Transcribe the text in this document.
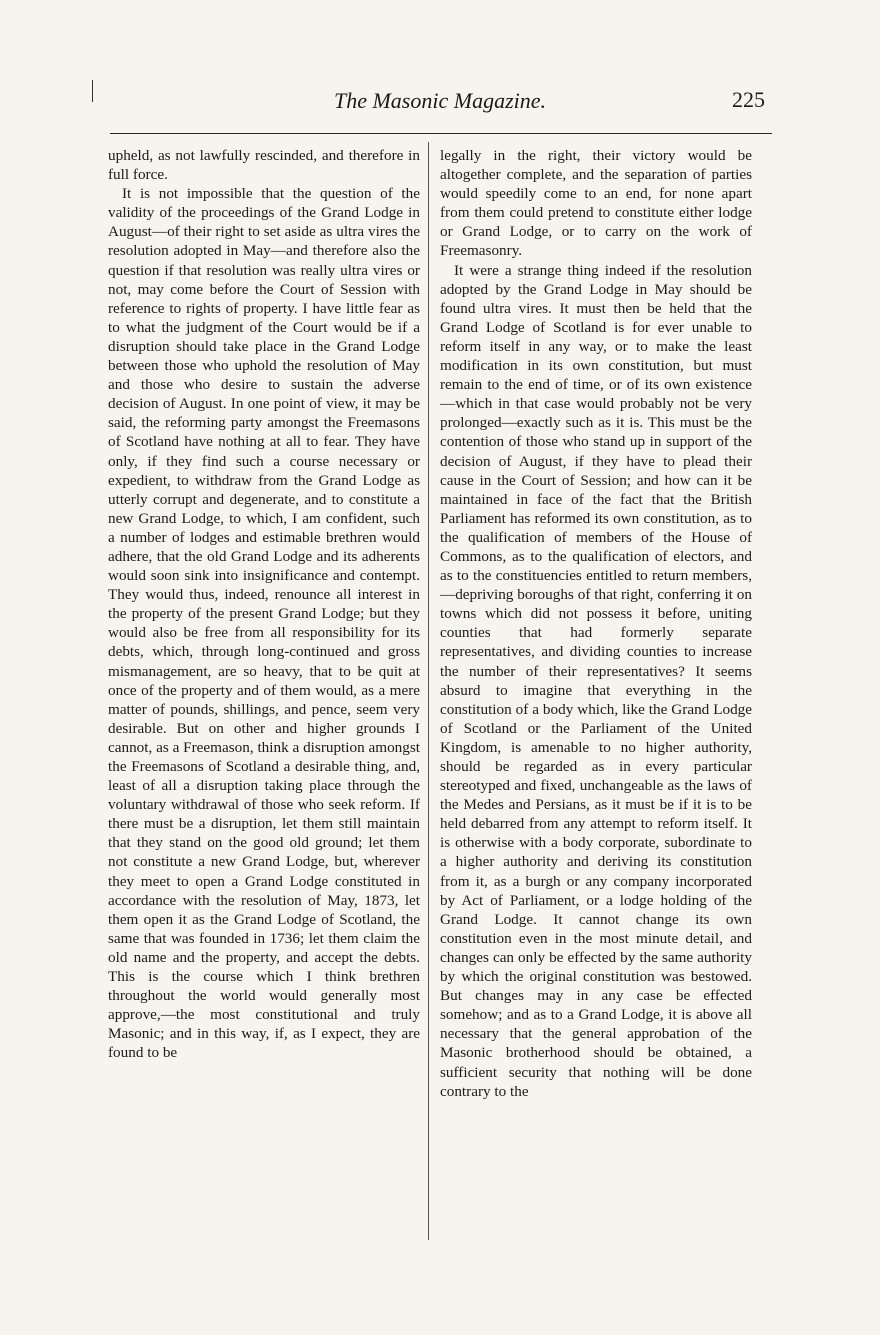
The Masonic Magazine.	225

upheld, as not lawfully rescinded, and therefore in full force.

It is not impossible that the question of the validity of the proceedings of the Grand Lodge in August—of their right to set aside as ultra vires the resolution adopted in May—and therefore also the question if that resolution was really ultra vires or not, may come before the Court of Session with reference to rights of property. I have little fear as to what the judgment of the Court would be if a disruption should take place in the Grand Lodge between those who uphold the resolution of May and those who desire to sustain the adverse decision of August. In one point of view, it may be said, the reforming party amongst the Freemasons of Scotland have nothing at all to fear. They have only, if they find such a course necessary or expedient, to withdraw from the Grand Lodge as utterly corrupt and degenerate, and to constitute a new Grand Lodge, to which, I am confident, such a number of lodges and estimable brethren would adhere, that the old Grand Lodge and its adherents would soon sink into insignificance and contempt. They would thus, indeed, renounce all interest in the property of the present Grand Lodge; but they would also be free from all responsibility for its debts, which, through long-continued and gross mismanagement, are so heavy, that to be quit at once of the property and of them would, as a mere matter of pounds, shillings, and pence, seem very desirable. But on other and higher grounds I cannot, as a Freemason, think a disruption amongst the Freemasons of Scotland a desirable thing, and, least of all a disruption taking place through the voluntary withdrawal of those who seek reform. If there must be a disruption, let them still maintain that they stand on the good old ground; let them not constitute a new Grand Lodge, but, wherever they meet to open a Grand Lodge constituted in accordance with the resolution of May, 1873, let them open it as the Grand Lodge of Scotland, the same that was founded in 1736; let them claim the old name and the property, and accept the debts. This is the course which I think brethren throughout the world would generally most approve,—the most constitutional and truly Masonic; and in this way, if, as I expect, they are found to be

legally in the right, their victory would be altogether complete, and the separation of parties would speedily come to an end, for none apart from them could pretend to constitute either lodge or Grand Lodge, or to carry on the work of Freemasonry.

It were a strange thing indeed if the resolution adopted by the Grand Lodge in May should be found ultra vires. It must then be held that the Grand Lodge of Scotland is for ever unable to reform itself in any way, or to make the least modification in its own constitution, but must remain to the end of time, or of its own existence—which in that case would probably not be very prolonged—exactly such as it is. This must be the contention of those who stand up in support of the decision of August, if they have to plead their cause in the Court of Session; and how can it be maintained in face of the fact that the British Parliament has reformed its own constitution, as to the qualification of members of the House of Commons, as to the qualification of electors, and as to the constituencies entitled to return members,—depriving boroughs of that right, conferring it on towns which did not possess it before, uniting counties that had formerly separate representatives, and dividing counties to increase the number of their representatives? It seems absurd to imagine that everything in the constitution of a body which, like the Grand Lodge of Scotland or the Parliament of the United Kingdom, is amenable to no higher authority, should be regarded as in every particular stereotyped and fixed, unchangeable as the laws of the Medes and Persians, as it must be if it is to be held debarred from any attempt to reform itself. It is otherwise with a body corporate, subordinate to a higher authority and deriving its constitution from it, as a burgh or any company incorporated by Act of Parliament, or a lodge holding of the Grand Lodge. It cannot change its own constitution even in the most minute detail, and changes can only be effected by the same authority by which the original constitution was bestowed. But changes may in any case be effected somehow; and as to a Grand Lodge, it is above all necessary that the general approbation of the Masonic brotherhood should be obtained, a sufficient security that nothing will be done contrary to the
